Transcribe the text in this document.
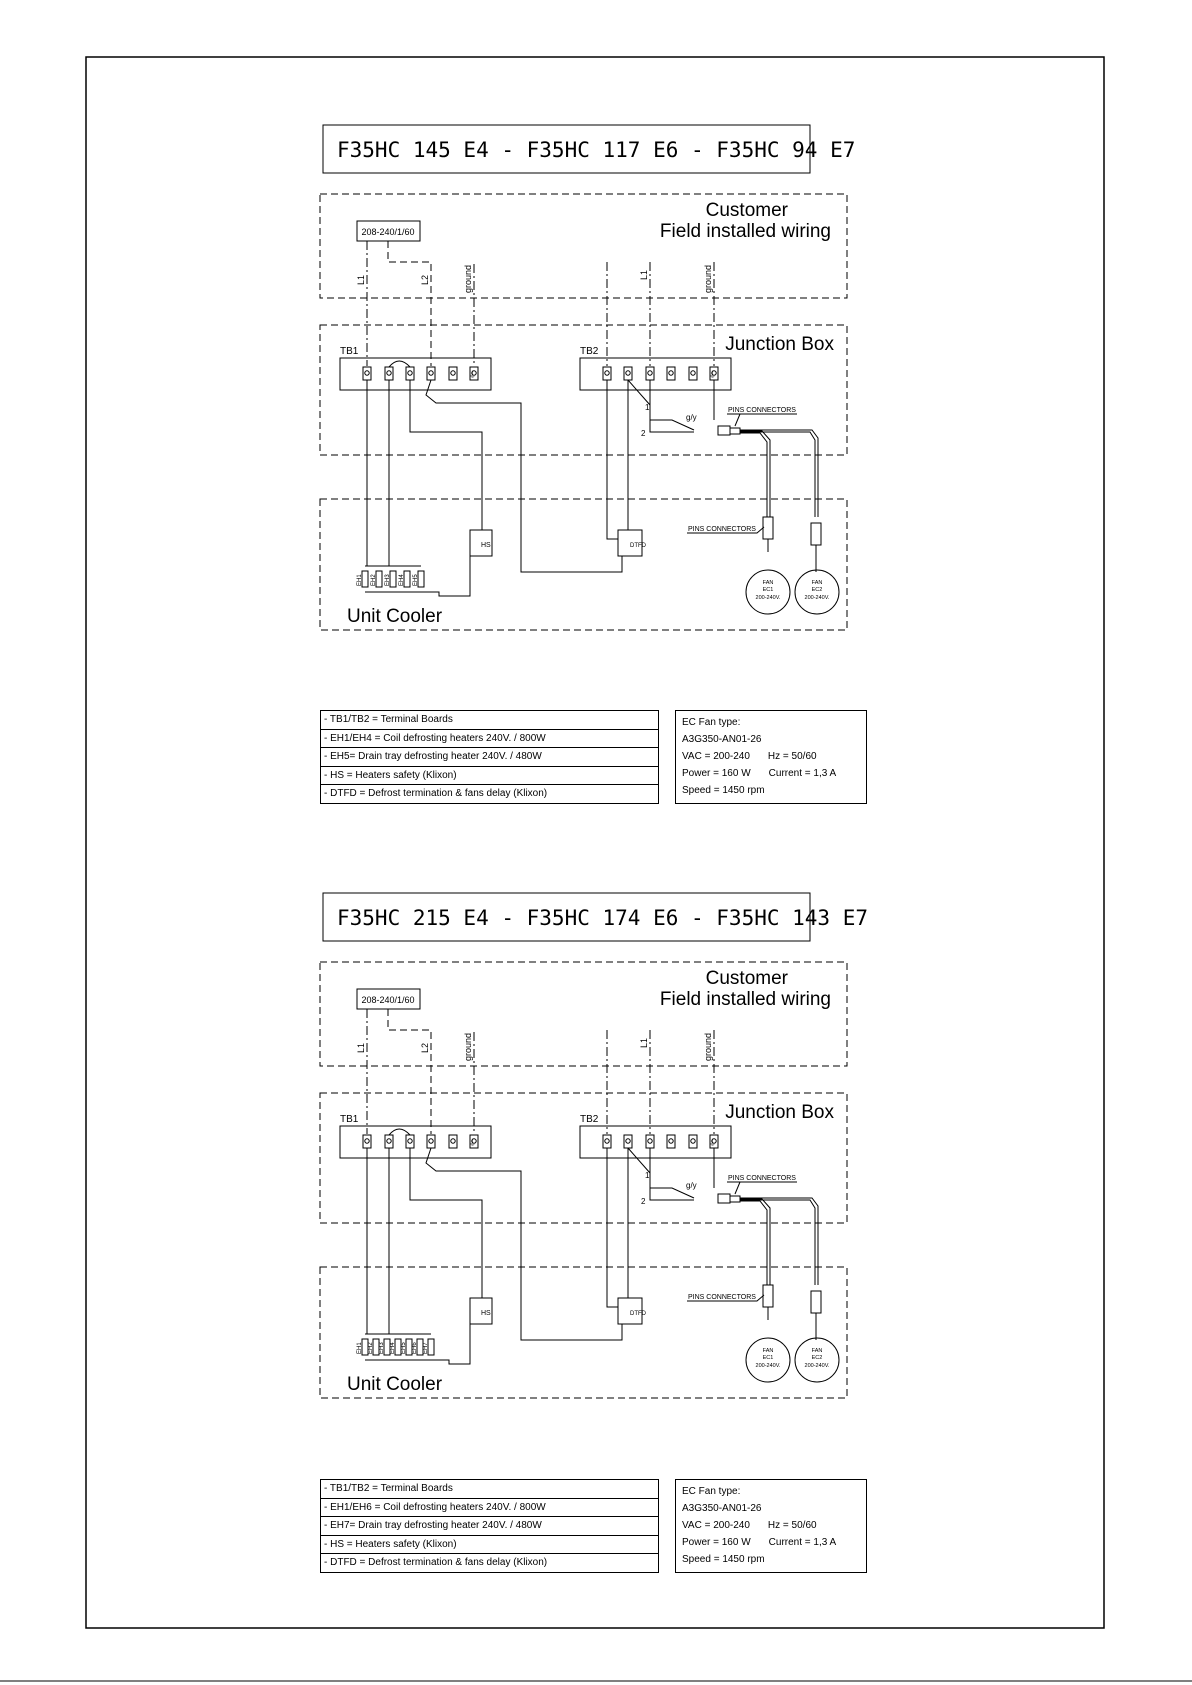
F35HC 145 E4 - F35HC 117 E6 - F35HC 94 E7
Customer
Field installed wiring
Junction Box
Unit Cooler
208-240/1/60
L1	L2	ground	L1	ground
TB1	TB2
⏚	⏚
EH1 EH2 EH3 EH4 EH5
HS	DTFD
1
2
g/y
PINS CONNECTORS
PINS CONNECTORS
FAN
EC1
200-240V.
FAN
EC2
200-240V.
F35HC 215 E4 - F35HC 174 E6 - F35HC 143 E7
Customer
Field installed wiring
Junction Box
Unit Cooler
208-240/1/60
L1	L2	ground	L1	ground
TB1	TB2
⏚	⏚
EH1 EH2 EH3 EH4 EH5 EH6 EH7
HS	DTFD
1
2
g/y
PINS CONNECTORS
PINS CONNECTORS
FAN
EC1
200-240V.
FAN
EC2
200-240V.
- TB1/TB2 = Terminal Boards
- EH1/EH4 = Coil defrosting heaters 240V. / 800W
- EH5= Drain tray defrosting heater 240V. / 480W
- HS = Heaters safety (Klixon)
- DTFD = Defrost termination & fans delay (Klixon)
EC Fan type:
A3G350-AN01-26
VAC = 200-240 Hz = 50/60
Power = 160 W Current = 1,3 A
Speed = 1450 rpm
- TB1/TB2 = Terminal Boards
- EH1/EH6 = Coil defrosting heaters 240V. / 800W
- EH7= Drain tray defrosting heater 240V. / 480W
- HS = Heaters safety (Klixon)
- DTFD = Defrost termination & fans delay (Klixon)
EC Fan type:
A3G350-AN01-26
VAC = 200-240 Hz = 50/60
Power = 160 W Current = 1,3 A
Speed = 1450 rpm
